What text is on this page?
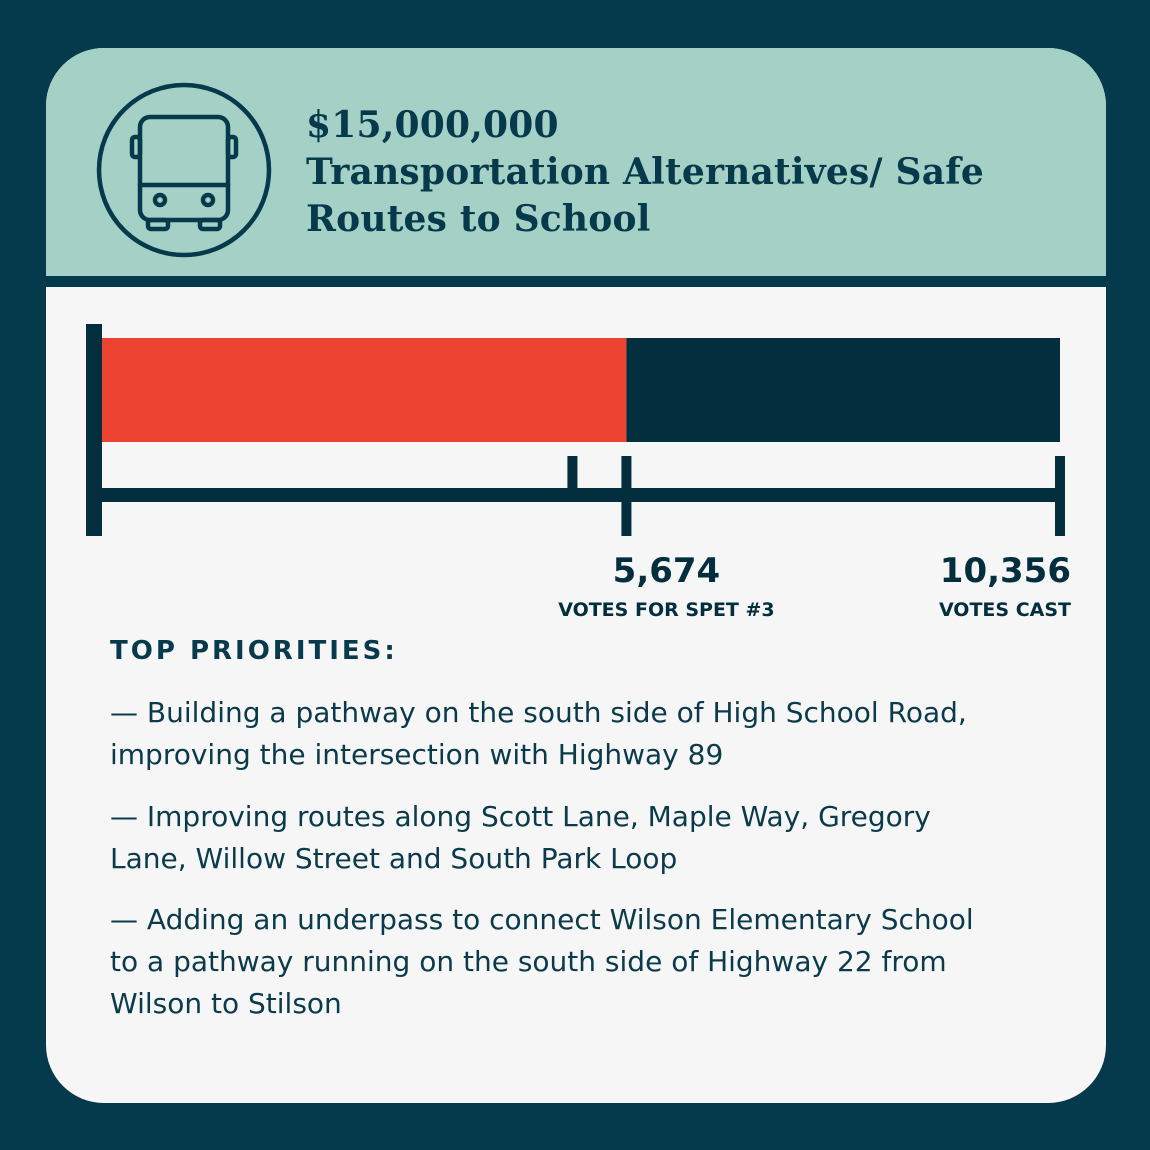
$15,000,000
Transportation Alternatives/ Safe
Routes to School
5,674
VOTES FOR SPET #3
10,356
VOTES CAST
TOP PRIORITIES:
— Building a pathway on the south side of High School Road,
improving the intersection with Highway 89
— Improving routes along Scott Lane, Maple Way, Gregory
Lane, Willow Street and South Park Loop
— Adding an underpass to connect Wilson Elementary School
to a pathway running on the south side of Highway 22 from
Wilson to Stilson
